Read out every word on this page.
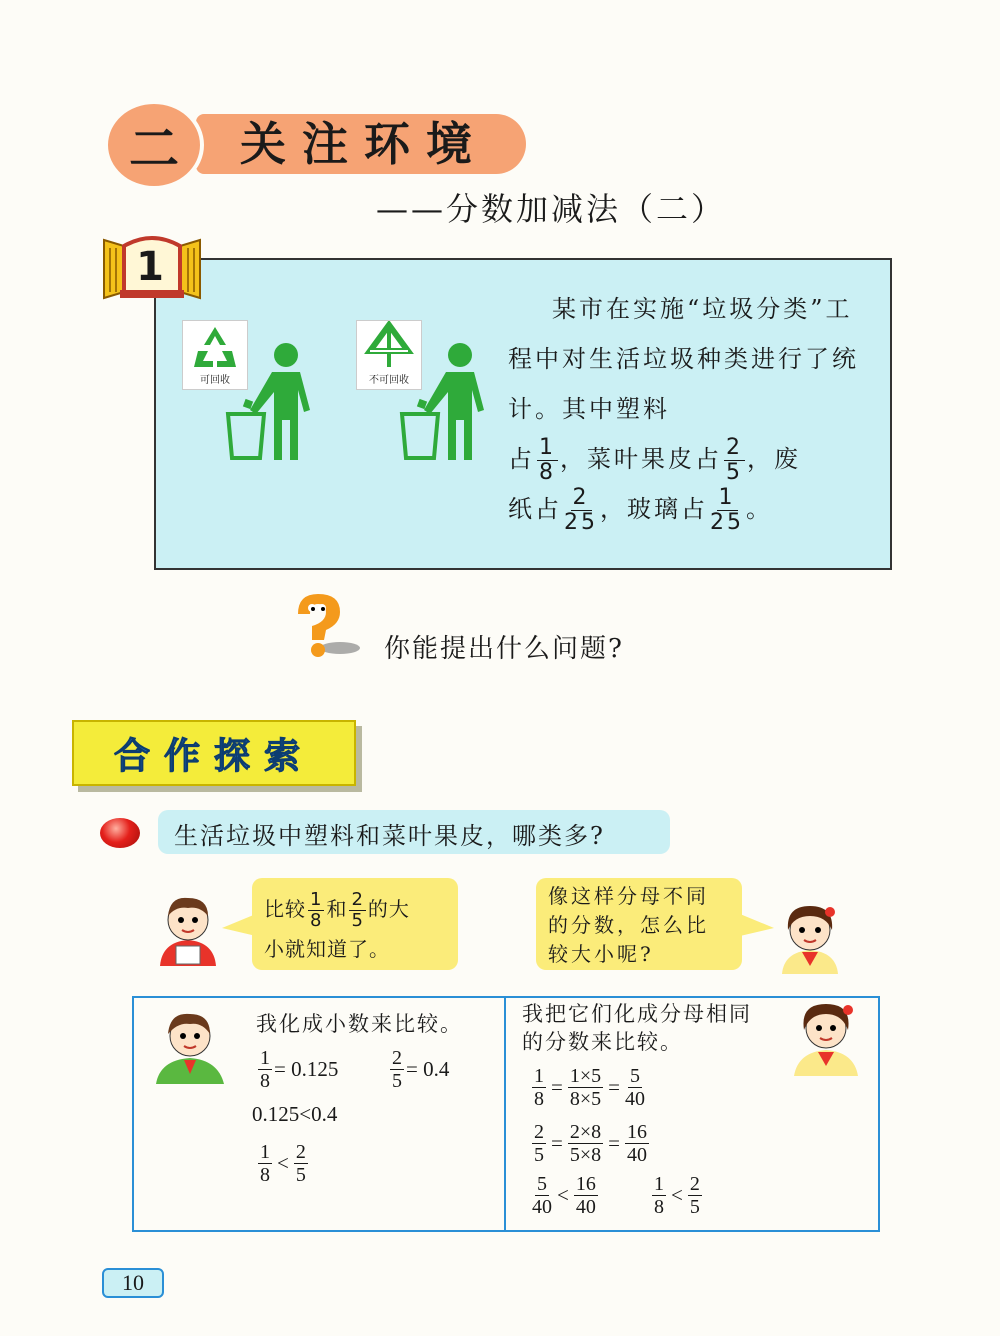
二 关注环境
——分数加减法（二）
可回收	不可回收
某市在实施“垃圾分类”工程中对生活垃圾种类进行了统计。其中塑料
占 $\frac{1}{8}$ ，菜叶果皮占 $\frac{2}{5}$ ，废
纸占 $\frac{2}{25}$ ，玻璃占 $\frac{1}{25}$ 。
1
你能提出什么问题?
合作探索
生活垃圾中塑料和菜叶果皮，哪类多?
比较 $\frac{1}{8}$ 和 $\frac{2}{5}$ 的大
小就知道了。
像这样分母不同
的分数，怎么比
较大小呢?
我化成小数来比较。
$\frac{1}{8} = 0.125$	$\frac{2}{5} = 0.4$
0.125<0.4
$\frac{1}{8} < \frac{2}{5}$
我把它们化成分母相同
的分数来比较。
$\frac{1}{8} = \frac{1\times 5}{8\times 5} = \frac{5}{40}$
$\frac{2}{5} = \frac{2\times 8}{5\times 8} = \frac{16}{40}$
$\frac{5}{40} < \frac{16}{40}$	$\frac{1}{8} < \frac{2}{5}$
10
